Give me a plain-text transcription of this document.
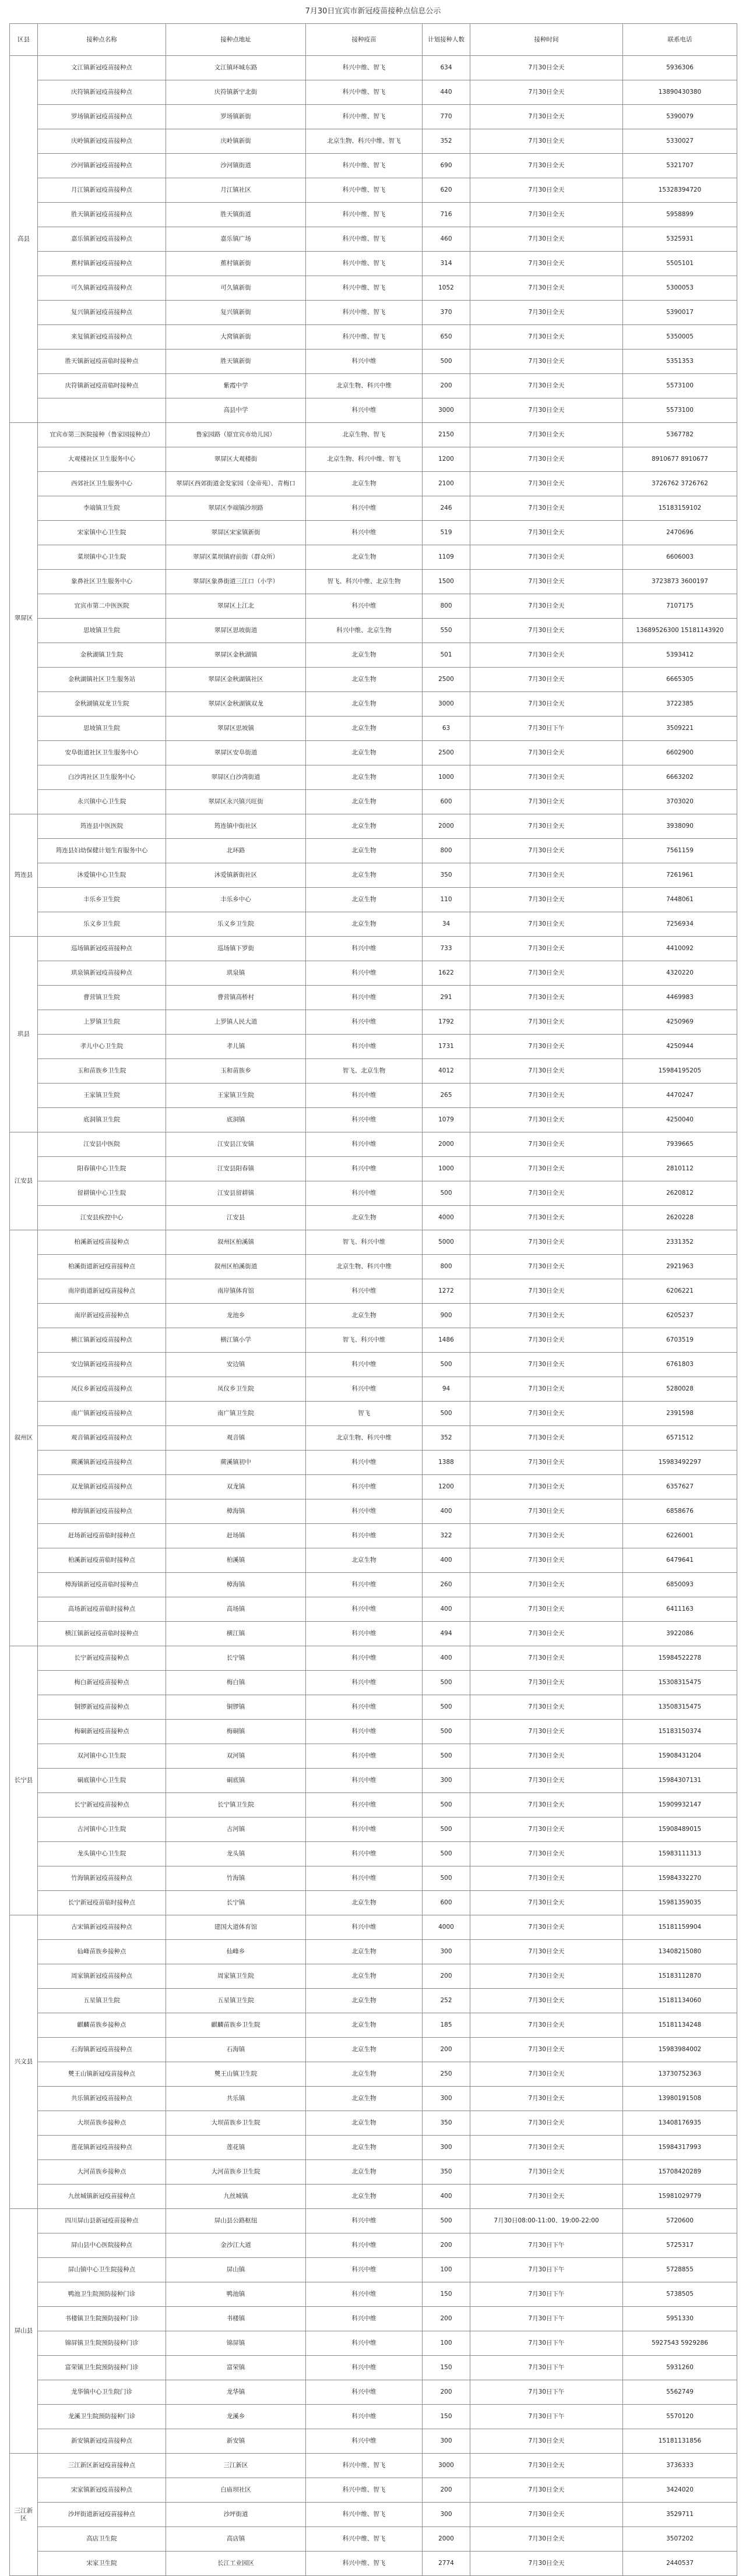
7月30日宜宾市新冠疫苗接种点信息公示
区县	接种点名称	接种点地址	接种疫苗	计划接种人数	接种时间	联系电话
高县	文江镇新冠疫苗接种点	文江镇环城东路	科兴中维、智飞	634	7月30日全天	5936306
	庆符镇新冠疫苗接种点	庆符镇新宁北街	科兴中维、智飞	440	7月30日全天	13890430380
	罗场镇新冠疫苗接种点	罗场镇新街	科兴中维、智飞	770	7月30日全天	5390079
	庆岭镇新冠疫苗接种点	庆岭镇新街	北京生物、科兴中维、智飞	352	7月30日全天	5330027
	沙河镇新冠疫苗接种点	沙河镇街道	科兴中维、智飞	690	7月30日全天	5321707
	月江镇新冠疫苗接种点	月江镇社区	科兴中维、智飞	620	7月30日全天	15328394720
	胜天镇新冠疫苗接种点	胜天镇街道	科兴中维、智飞	716	7月30日全天	5958899
	嘉乐镇新冠疫苗接种点	嘉乐镇广场	科兴中维、智飞	460	7月30日全天	5325931
	蕉村镇新冠疫苗接种点	蕉村镇新街	科兴中维、智飞	314	7月30日全天	5505101
	可久镇新冠疫苗接种点	可久镇新街	科兴中维、智飞	1052	7月30日全天	5300053
	复兴镇新冠疫苗接种点	复兴镇新街	科兴中维、智飞	370	7月30日全天	5390017
	来复镇新冠疫苗接种点	大窝镇新街	科兴中维、智飞	650	7月30日全天	5350005
	胜天镇新冠疫苗临时接种点	胜天镇新街	科兴中维	500	7月30日全天	5351353
	庆符镇新冠疫苗临时接种点	紫霞中学	北京生物、科兴中维	200	7月30日全天	5573100
		高县中学	科兴中维	3000	7月30日全天	5573100
翠屏区	宜宾市第三医院接种（鲁家园接种点）	鲁家园路（原宜宾市幼儿园）	北京生物、智飞	2150	7月30日全天	5367782
	大观楼社区卫生服务中心	翠屏区大观楼街	北京生物、科兴中维、智飞	1200	7月30日全天	8910677 8910677
	西郊社区卫生服务中心	翠屏区西郊街道金发家园（金帝苑）、青梅口	北京生物	2100	7月30日全天	3726762 3726762
	李端镇卫生院	翠屏区李端镇沙坝路	科兴中维	246	7月30日全天	15183159102
	宋家镇中心卫生院	翠屏区宋家镇新街	科兴中维	519	7月30日全天	2470696
	菜坝镇中心卫生院	翠屏区菜坝镇府前街（群众所）	北京生物	1109	7月30日全天	6606003
	象鼻社区卫生服务中心	翠屏区象鼻街道三江口（小学）	智飞、科兴中维、北京生物	1500	7月30日全天	3723873 3600197
	宜宾市第二中医医院	翠屏区上江北	科兴中维	800	7月30日全天	7107175
	思坡镇卫生院	翠屏区思坡街道	科兴中维、北京生物	550	7月30日全天	13689526300 15181143920
	金秋湖镇卫生院	翠屏区金秋湖镇	北京生物	501	7月30日全天	5393412
	金秋湖镇社区卫生服务站	翠屏区金秋湖镇社区	北京生物	2500	7月30日全天	6665305
	金秋湖镇双龙卫生院	翠屏区金秋湖镇双龙	北京生物	3000	7月30日全天	3722385
	思坡镇卫生院	翠屏区思坡镇	北京生物	63	7月30日下午	3509221
	安阜街道社区卫生服务中心	翠屏区安阜街道	北京生物	2500	7月30日全天	6602900
	白沙湾社区卫生服务中心	翠屏区白沙湾街道	北京生物	1000	7月30日全天	6663202
	永兴镇中心卫生院	翠屏区永兴镇兴旺街	北京生物	600	7月30日全天	3703020
筠连县	筠连县中医医院	筠连镇中街社区	北京生物	2000	7月30日全天	3938090
	筠连县妇幼保健计划生育服务中心	北环路	北京生物	800	7月30日全天	7561159
	沐爱镇中心卫生院	沐爱镇新街社区	北京生物	350	7月30日全天	7261961
	丰乐乡卫生院	丰乐乡中心	北京生物	110	7月30日全天	7448061
	乐义乡卫生院	乐义乡卫生院	北京生物	34	7月30日全天	7256934
珙县	巡场镇新冠疫苗接种点	巡场镇下罗街	科兴中维	733	7月30日全天	4410092
	珙泉镇新冠疫苗接种点	珙泉镇	科兴中维	1622	7月30日全天	4320220
	曹营镇卫生院	曹营镇高桥村	科兴中维	291	7月30日全天	4469983
	上罗镇卫生院	上罗镇人民大道	科兴中维	1792	7月30日全天	4250969
	孝儿中心卫生院	孝儿镇	科兴中维	1731	7月30日全天	4250944
	玉和苗族乡卫生院	玉和苗族乡	智飞、北京生物	4012	7月30日全天	15984195205
	王家镇卫生院	王家镇卫生院	科兴中维	265	7月30日全天	4470247
	底洞镇卫生院	底洞镇	科兴中维	1079	7月30日全天	4250040
江安县	江安县中医院	江安县江安镇	科兴中维	2000	7月30日全天	7939665
	阳春镇中心卫生院	江安县阳春镇	科兴中维	1000	7月30日全天	2810112
	留耕镇中心卫生院	江安县留耕镇	科兴中维	500	7月30日全天	2620812
	江安县疾控中心	江安县	北京生物	4000	7月30日全天	2620228
叙州区	柏溪新冠疫苗接种点	叙州区柏溪镇	智飞、科兴中维	5000	7月30日全天	2331352
	柏溪街道新冠疫苗接种点	叙州区柏溪街道	北京生物、科兴中维	800	7月30日全天	2921963
	南岸街道新冠疫苗接种点	南岸镇体育馆	科兴中维	1272	7月30日全天	6206221
	南岸新冠疫苗接种点	龙池乡	北京生物	900	7月30日全天	6205237
	横江镇新冠疫苗接种点	横江镇小学	智飞、科兴中维	1486	7月30日全天	6703519
	安边镇新冠疫苗接种点	安边镇	科兴中维	500	7月30日全天	6761803
	凤仪乡新冠疫苗接种点	凤仪乡卫生院	科兴中维	94	7月30日全天	5280028
	南广镇新冠疫苗接种点	南广镇卫生院	智飞	500	7月30日全天	2391598
	观音镇新冠疫苗接种点	观音镇	北京生物、科兴中维	352	7月30日全天	6571512
	蕨溪镇新冠疫苗接种点	蕨溪镇初中	科兴中维	1388	7月30日全天	15983492297
	双龙镇新冠疫苗接种点	双龙镇	科兴中维	1200	7月30日全天	6357627
	樟海镇新冠疫苗接种点	樟海镇	科兴中维	400	7月30日全天	6858676
	赶场新冠疫苗临时接种点	赶场镇	科兴中维	322	7月30日全天	6226001
	柏溪新冠疫苗临时接种点	柏溪镇	北京生物	400	7月30日全天	6479641
	樟海镇新冠疫苗临时接种点	樟海镇	科兴中维	260	7月30日全天	6850093
	高场新冠疫苗临时接种点	高场镇	科兴中维	400	7月30日全天	6411163
	横江镇新冠疫苗临时接种点	横江镇	科兴中维	494	7月30日全天	3922086
长宁县	长宁新冠疫苗接种点	长宁镇	科兴中维	400	7月30日全天	15984522278
	梅白新冠疫苗接种点	梅白镇	科兴中维	500	7月30日全天	15308315475
	铜锣新冠疫苗接种点	铜锣镇	科兴中维	500	7月30日全天	13508315475
	梅硐新冠疫苗接种点	梅硐镇	科兴中维	500	7月30日全天	15183150374
	双河镇中心卫生院	双河镇	科兴中维	500	7月30日全天	15908431204
	硐底镇中心卫生院	硐底镇	科兴中维	300	7月30日全天	15984307131
	长宁新冠疫苗接种点	长宁镇卫生院	科兴中维	500	7月30日全天	15909932147
	古河镇中心卫生院	古河镇	科兴中维	500	7月30日全天	15908489015
	龙头镇中心卫生院	龙头镇	科兴中维	500	7月30日全天	15983111313
	竹海镇新冠疫苗接种点	竹海镇	科兴中维	500	7月30日全天	15984332270
	长宁新冠疫苗临时接种点	长宁镇	北京生物	600	7月30日全天	15981359035
兴文县	古宋镇新冠疫苗接种点	建国大道体育馆	科兴中维	4000	7月30日全天	15181159904
	仙峰苗族乡接种点	仙峰乡	北京生物	300	7月30日全天	13408215080
	周家镇新冠疫苗接种点	周家镇卫生院	北京生物	200	7月30日全天	15183112870
	五星镇卫生院	五星镇卫生院	北京生物	252	7月30日全天	15181134060
	麒麟苗族乡接种点	麒麟苗族乡卫生院	北京生物	185	7月30日全天	15181134248
	石海镇新冠疫苗接种点	石海镇	北京生物	200	7月30日全天	15983984002
	僰王山镇新冠疫苗接种点	僰王山镇卫生院	北京生物	250	7月30日全天	13730752363
	共乐镇新冠疫苗接种点	共乐镇	北京生物	300	7月30日全天	13980191508
	大坝苗族乡接种点	大坝苗族乡卫生院	北京生物	350	7月30日全天	13408176935
	莲花镇新冠疫苗接种点	莲花镇	北京生物	300	7月30日全天	15984317993
	大河苗族乡接种点	大河苗族乡卫生院	北京生物	350	7月30日全天	15708420289
	九丝城镇新冠疫苗接种点	九丝城镇	北京生物	400	7月30日全天	15981029779
屏山县	四川屏山县新冠疫苗接种点	屏山县公路枢纽	科兴中维	500	7月30日08:00-11:00、19:00-22:00	5720600
	屏山县中心医院接种点	金沙江大道	科兴中维	200	7月30日下午	5725317
	屏山镇中心卫生院接种点	屏山镇	科兴中维	100	7月30日下午	5728855
	鸭池卫生院预防接种门诊	鸭池镇	科兴中维	150	7月30日下午	5738505
	书楼镇卫生院预防接种门诊	书楼镇	科兴中维	200	7月30日下午	5951330
	锦屏镇卫生院预防接种门诊	锦屏镇	科兴中维	100	7月30日下午	5927543 5929286
	富荣镇卫生院预防接种门诊	富荣镇	科兴中维	150	7月30日下午	5931260
	龙华镇中心卫生院门诊	龙华镇	科兴中维	200	7月30日下午	5562749
	龙溪卫生院预防接种门诊	龙溪乡	科兴中维	150	7月30日下午	5570120
	新安镇新冠疫苗接种点	新安镇	科兴中维	300	7月30日全天	15181131856
三江新区	三江新区新冠疫苗接种点	三江新区	科兴中维、智飞	3000	7月30日全天	3736333
	宋家镇新冠疫苗接种点	白庙坝社区	科兴中维、智飞	200	7月30日全天	3424020
	沙坪街道新冠疫苗接种点	沙坪街道	科兴中维、智飞	300	7月30日全天	3529711
	高店卫生院	高店镇	科兴中维、智飞	2000	7月30日全天	3507202
	宋家卫生院	长江工业园区	科兴中维、智飞	2774	7月30日全天	2440537
